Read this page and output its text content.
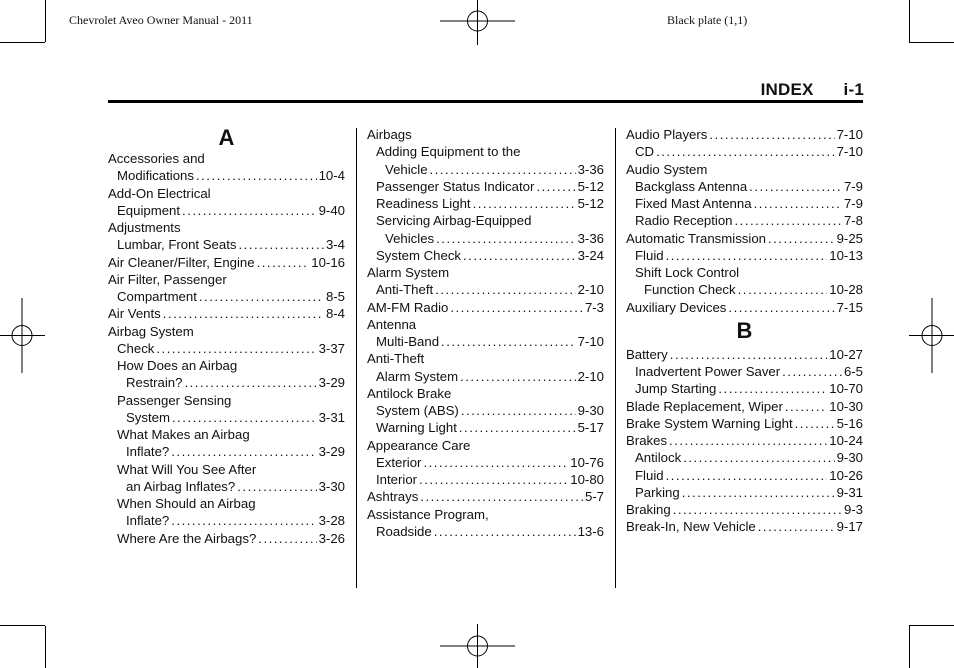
Chevrolet Aveo Owner Manual - 2011	Black plate (1,1)
INDEX i-1
A
Accessories and
Modifications .....	10-4
Add-On Electrical
Equipment .....	9-40
Adjustments
Lumbar, Front Seats .....	3-4
Air Cleaner/Filter, Engine .....	10-16
Air Filter, Passenger
Compartment .....	8-5
Air Vents .....	8-4
Airbag System
Check .....	3-37
How Does an Airbag
Restrain? .....	3-29
Passenger Sensing
System .....	3-31
What Makes an Airbag
Inflate? .....	3-29
What Will You See After
an Airbag Inflates? .....	3-30
When Should an Airbag
Inflate? .....	3-28
Where Are the Airbags? .....	3-26
Airbags
Adding Equipment to the
Vehicle .....	3-36
Passenger Status Indicator .....	5-12
Readiness Light .....	5-12
Servicing Airbag-Equipped
Vehicles .....	3-36
System Check .....	3-24
Alarm System
Anti-Theft .....	2-10
AM-FM Radio .....	7-3
Antenna
Multi-Band .....	7-10
Anti-Theft
Alarm System .....	2-10
Antilock Brake
System (ABS) .....	9-30
Warning Light .....	5-17
Appearance Care
Exterior .....	10-76
Interior .....	10-80
Ashtrays .....	5-7
Assistance Program,
Roadside .....	13-6
Audio Players .....	7-10
CD .....	7-10
Audio System
Backglass Antenna .....	7-9
Fixed Mast Antenna .....	7-9
Radio Reception .....	7-8
Automatic Transmission .....	9-25
Fluid .....	10-13
Shift Lock Control
Function Check .....	10-28
Auxiliary Devices .....	7-15
B
Battery .....	10-27
Inadvertent Power Saver .....	6-5
Jump Starting .....	10-70
Blade Replacement, Wiper .....	10-30
Brake System Warning Light .....	5-16
Brakes .....	10-24
Antilock .....	9-30
Fluid .....	10-26
Parking .....	9-31
Braking .....	9-3
Break-In, New Vehicle .....	9-17
